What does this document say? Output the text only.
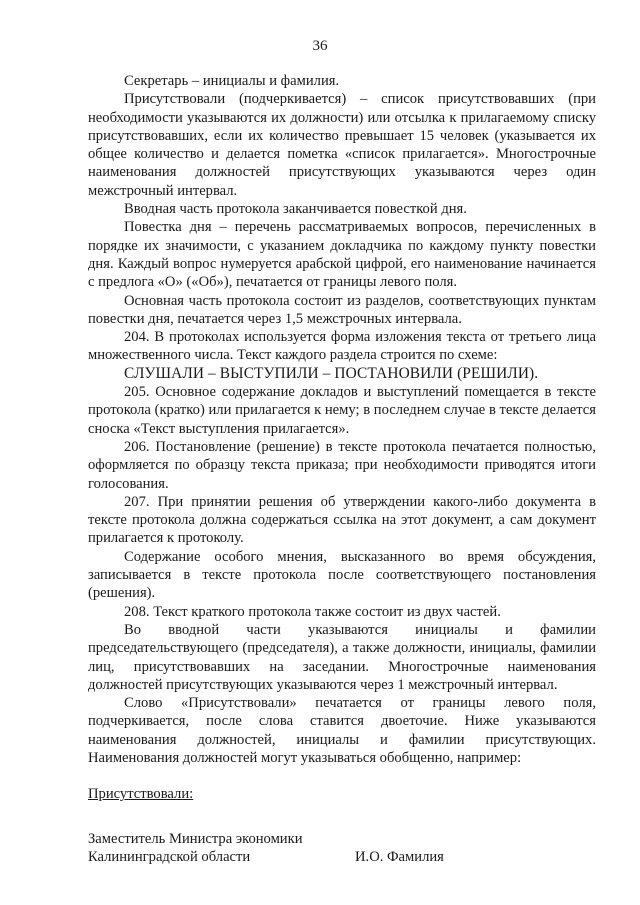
36

Секретарь – инициалы и фамилия.

Присутствовали (подчеркивается) – список присутствовавших (при необходимости указываются их должности) или отсылка к прилагаемому списку присутствовавших, если их количество превышает 15 человек (указывается их общее количество и делается пометка «список прилагается». Многострочные наименования должностей присутствующих указываются через один межстрочный интервал.

Вводная часть протокола заканчивается повесткой дня.

Повестка дня – перечень рассматриваемых вопросов, перечисленных в порядке их значимости, с указанием докладчика по каждому пункту повестки дня. Каждый вопрос нумеруется арабской цифрой, его наименование начинается с предлога «О» («Об»), печатается от границы левого поля.

Основная часть протокола состоит из разделов, соответствующих пунктам повестки дня, печатается через 1,5 межстрочных интервала.

204. В протоколах используется форма изложения текста от третьего лица множественного числа. Текст каждого раздела строится по схеме:

СЛУШАЛИ – ВЫСТУПИЛИ – ПОСТАНОВИЛИ (РЕШИЛИ).

205. Основное содержание докладов и выступлений помещается в тексте протокола (кратко) или прилагается к нему; в последнем случае в тексте делается сноска «Текст выступления прилагается».

206. Постановление (решение) в тексте протокола печатается полностью, оформляется по образцу текста приказа; при необходимости приводятся итоги голосования.

207. При принятии решения об утверждении какого-либо документа в тексте протокола должна содержаться ссылка на этот документ, а сам документ прилагается к протоколу.

Содержание особого мнения, высказанного во время обсуждения, записывается в тексте протокола после соответствующего постановления (решения).

208. Текст краткого протокола также состоит из двух частей.

Во вводной части указываются инициалы и фамилии председательствующего (председателя), а также должности, инициалы, фамилии лиц, присутствовавших на заседании. Многострочные наименования должностей присутствующих указываются через 1 межстрочный интервал.

Слово «Присутствовали» печатается от границы левого поля, подчеркивается, после слова ставится двоеточие. Ниже указываются наименования должностей, инициалы и фамилии присутствующих. Наименования должностей могут указываться обобщенно, например:

Присутствовали:

Заместитель Министра экономики

Калининградской области	И.О. Фамилия
